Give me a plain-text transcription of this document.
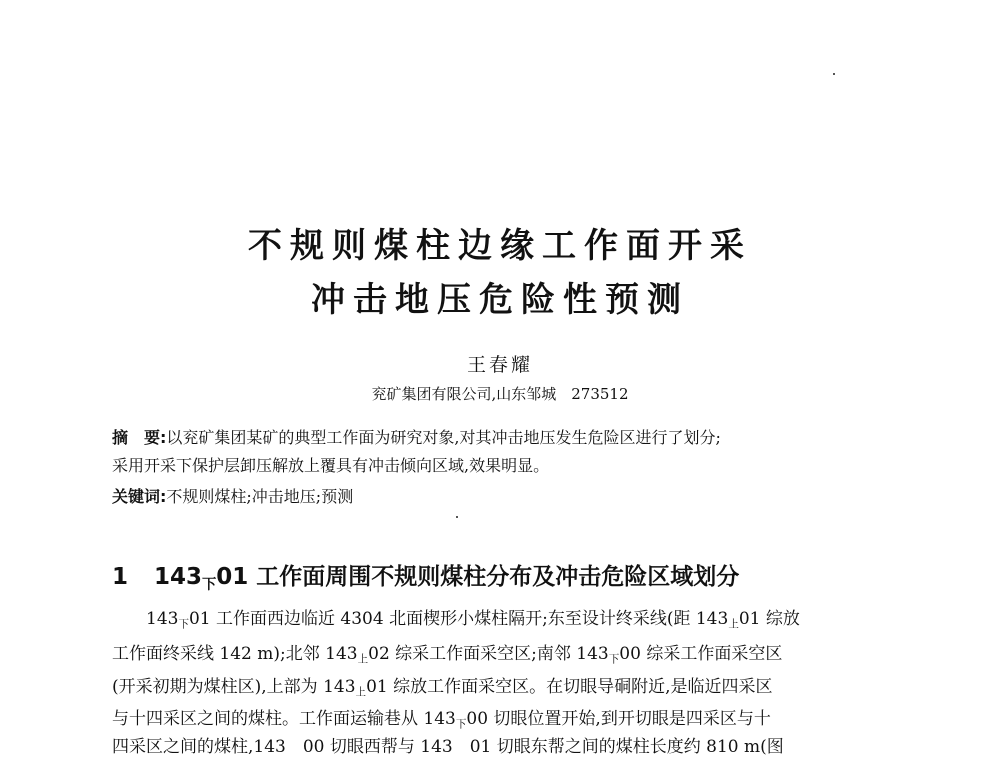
不规则煤柱边缘工作面开采
冲击地压危险性预测
王春耀
兖矿集团有限公司,山东邹城　273512
摘　要:以兖矿集团某矿的典型工作面为研究对象,对其冲击地压发生危险区进行了划分;
采用开采下保护层卸压解放上覆具有冲击倾向区域,效果明显。
关键词:不规则煤柱;冲击地压;预测
1 $143_下01$ 工作面周围不规则煤柱分布及冲击危险区域划分
$143_下01$ 工作面西边临近 4304 北面楔形小煤柱隔开;东至设计终采线(距 $143_上01$ 综放
工作面终采线 142 m);北邻 $143_上02$ 综采工作面采空区;南邻 $143_下00$ 综采工作面采空区
(开采初期为煤柱区),上部为 $143_上01$ 综放工作面采空区。在切眼导硐附近,是临近四采区
与十四采区之间的煤柱。工作面运输巷从 $143_下00$ 切眼位置开始,到开切眼是四采区与十
四采区之间的煤柱,143　00 切眼西帮与 143　01 切眼东帮之间的煤柱长度约 810 m(图
